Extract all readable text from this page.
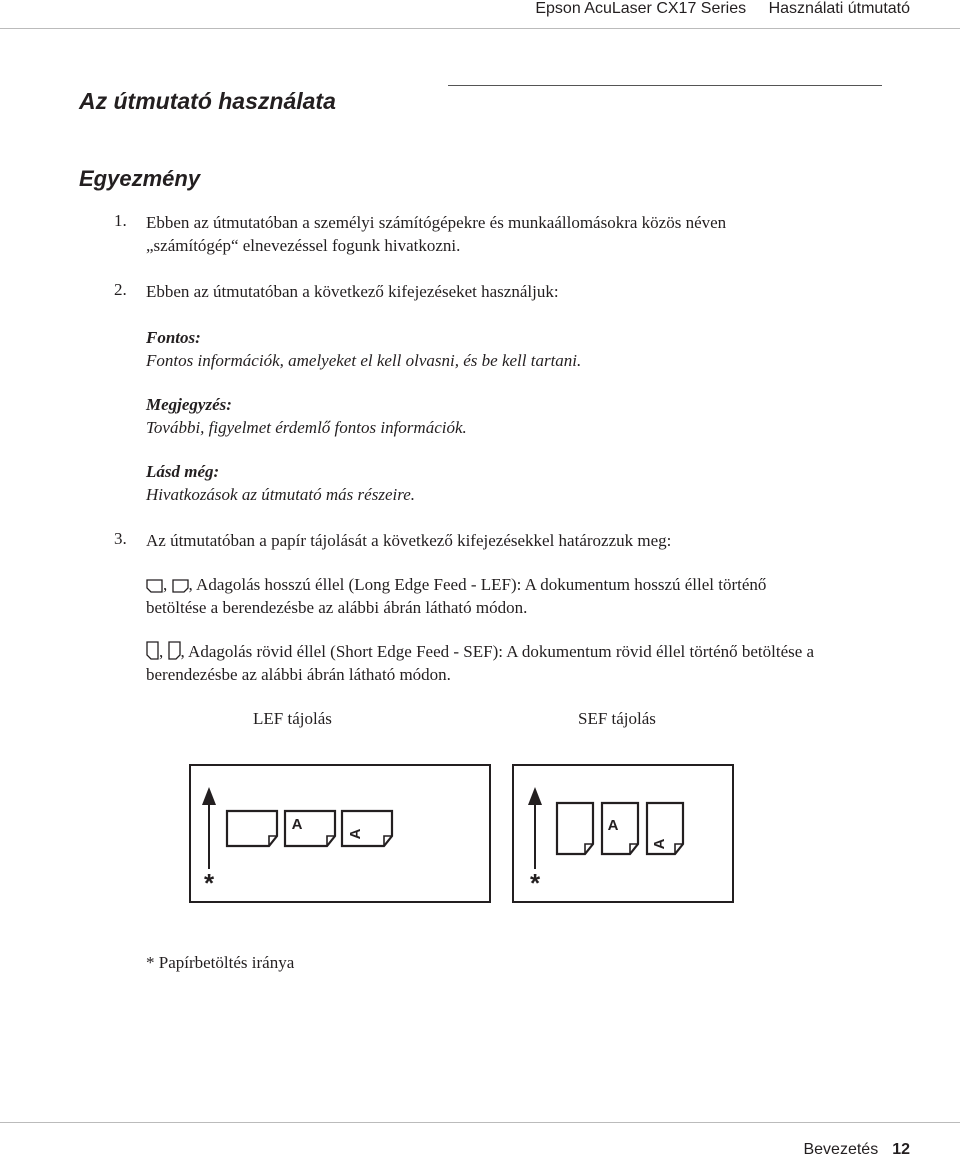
Epson AcuLaser CX17 Series Használati útmutató
Az útmutató használata
Egyezmény
1. Ebben az útmutatóban a személyi számítógépekre és munkaállomásokra közös néven
„számítógép“ elnevezéssel fogunk hivatkozni.
2. Ebben az útmutatóban a következő kifejezéseket használjuk:
Fontos:
Fontos információk, amelyeket el kell olvasni, és be kell tartani.
Megjegyzés:
További, figyelmet érdemlő fontos információk.
Lásd még:
Hivatkozások az útmutató más részeire.
3. Az útmutatóban a papír tájolását a következő kifejezésekkel határozzuk meg:
, , Adagolás hosszú éllel (Long Edge Feed - LEF): A dokumentum hosszú éllel történő
betöltése a berendezésbe az alábbi ábrán látható módon.
, , Adagolás rövid éllel (Short Edge Feed - SEF): A dokumentum rövid éllel történő betöltése a
berendezésbe az alábbi ábrán látható módon.
LEF tájolás	SEF tájolás
*
A
A
*
A
A
* Papírbetöltés iránya
Bevezetés 12
